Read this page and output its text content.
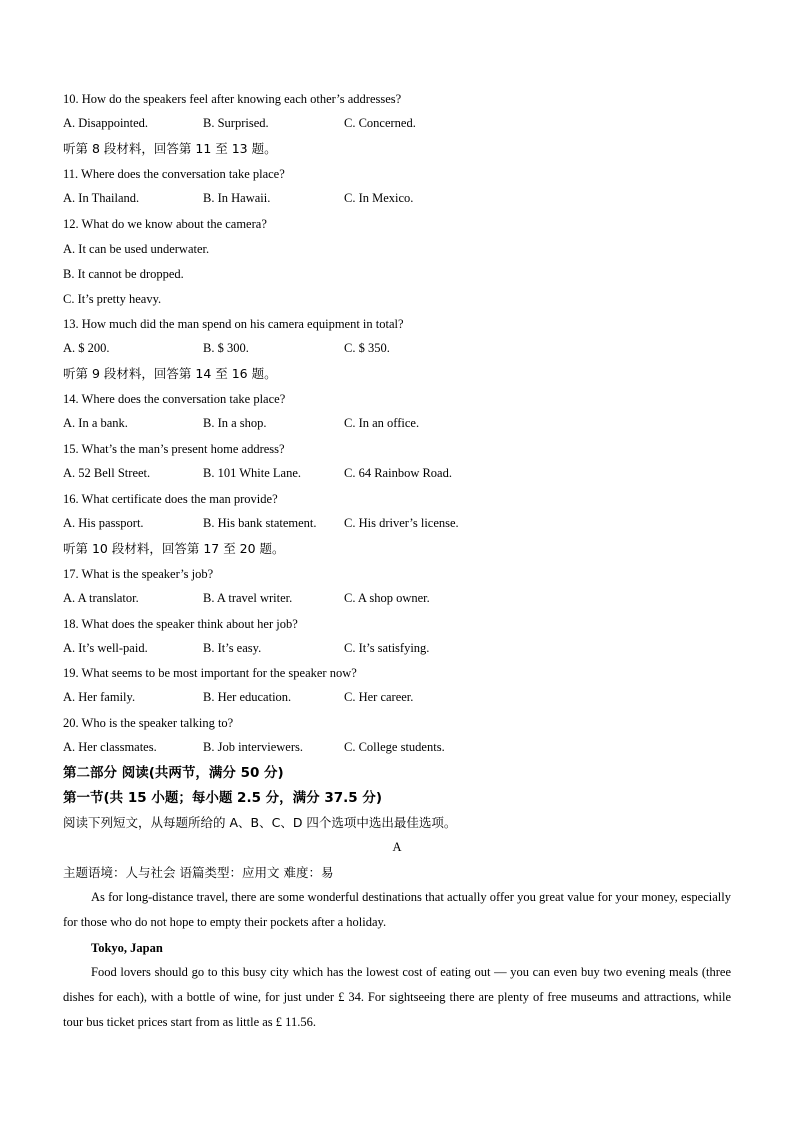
10. How do the speakers feel after knowing each other’s addresses?
A. Disappointed.	B. Surprised.	C. Concerned.
听第 8 段材料，回答第 11 至 13 题。
11. Where does the conversation take place?
A. In Thailand.	B. In Hawaii.	C. In Mexico.
12. What do we know about the camera?
A. It can be used underwater.
B. It cannot be dropped.
C. It’s pretty heavy.
13. How much did the man spend on his camera equipment in total?
A. $ 200.	B. $ 300.	C. $ 350.
听第 9 段材料，回答第 14 至 16 题。
14. Where does the conversation take place?
A. In a bank.	B. In a shop.	C. In an office.
15. What’s the man’s present home address?
A. 52 Bell Street.	B. 101 White Lane.	C. 64 Rainbow Road.
16. What certificate does the man provide?
A. His passport.	B. His bank statement. C. His driver’s license.
听第 10 段材料，回答第 17 至 20 题。
17. What is the speaker’s job?
A. A translator.	B. A travel writer.	C. A shop owner.
18. What does the speaker think about her job?
A. It’s well-paid.	B. It’s easy.	C. It’s satisfying.
19. What seems to be most important for the speaker now?
A. Her family.	B. Her education.	C. Her career.
20. Who is the speaker talking to?
A. Her classmates.	B. Job interviewers.	C. College students.
第二部分 阅读(共两节，满分 50 分)
第一节(共 15 小题；每小题 2.5 分，满分 37.5 分)
阅读下列短文，从每题所给的 A、B、C、D 四个选项中选出最佳选项。
A
主题语境：人与社会 语篇类型：应用文 难度：易
As for long-distance travel, there are some wonderful destinations that actually offer you great value for your money, especially for those who do not hope to empty their pockets after a holiday.
Tokyo, Japan
Food lovers should go to this busy city which has the lowest cost of eating out — you can even buy two evening meals (three dishes for each), with a bottle of wine, for just under £ 34. For sightseeing there are plenty of free museums and attractions, while tour bus ticket prices start from as little as £ 11.56.
